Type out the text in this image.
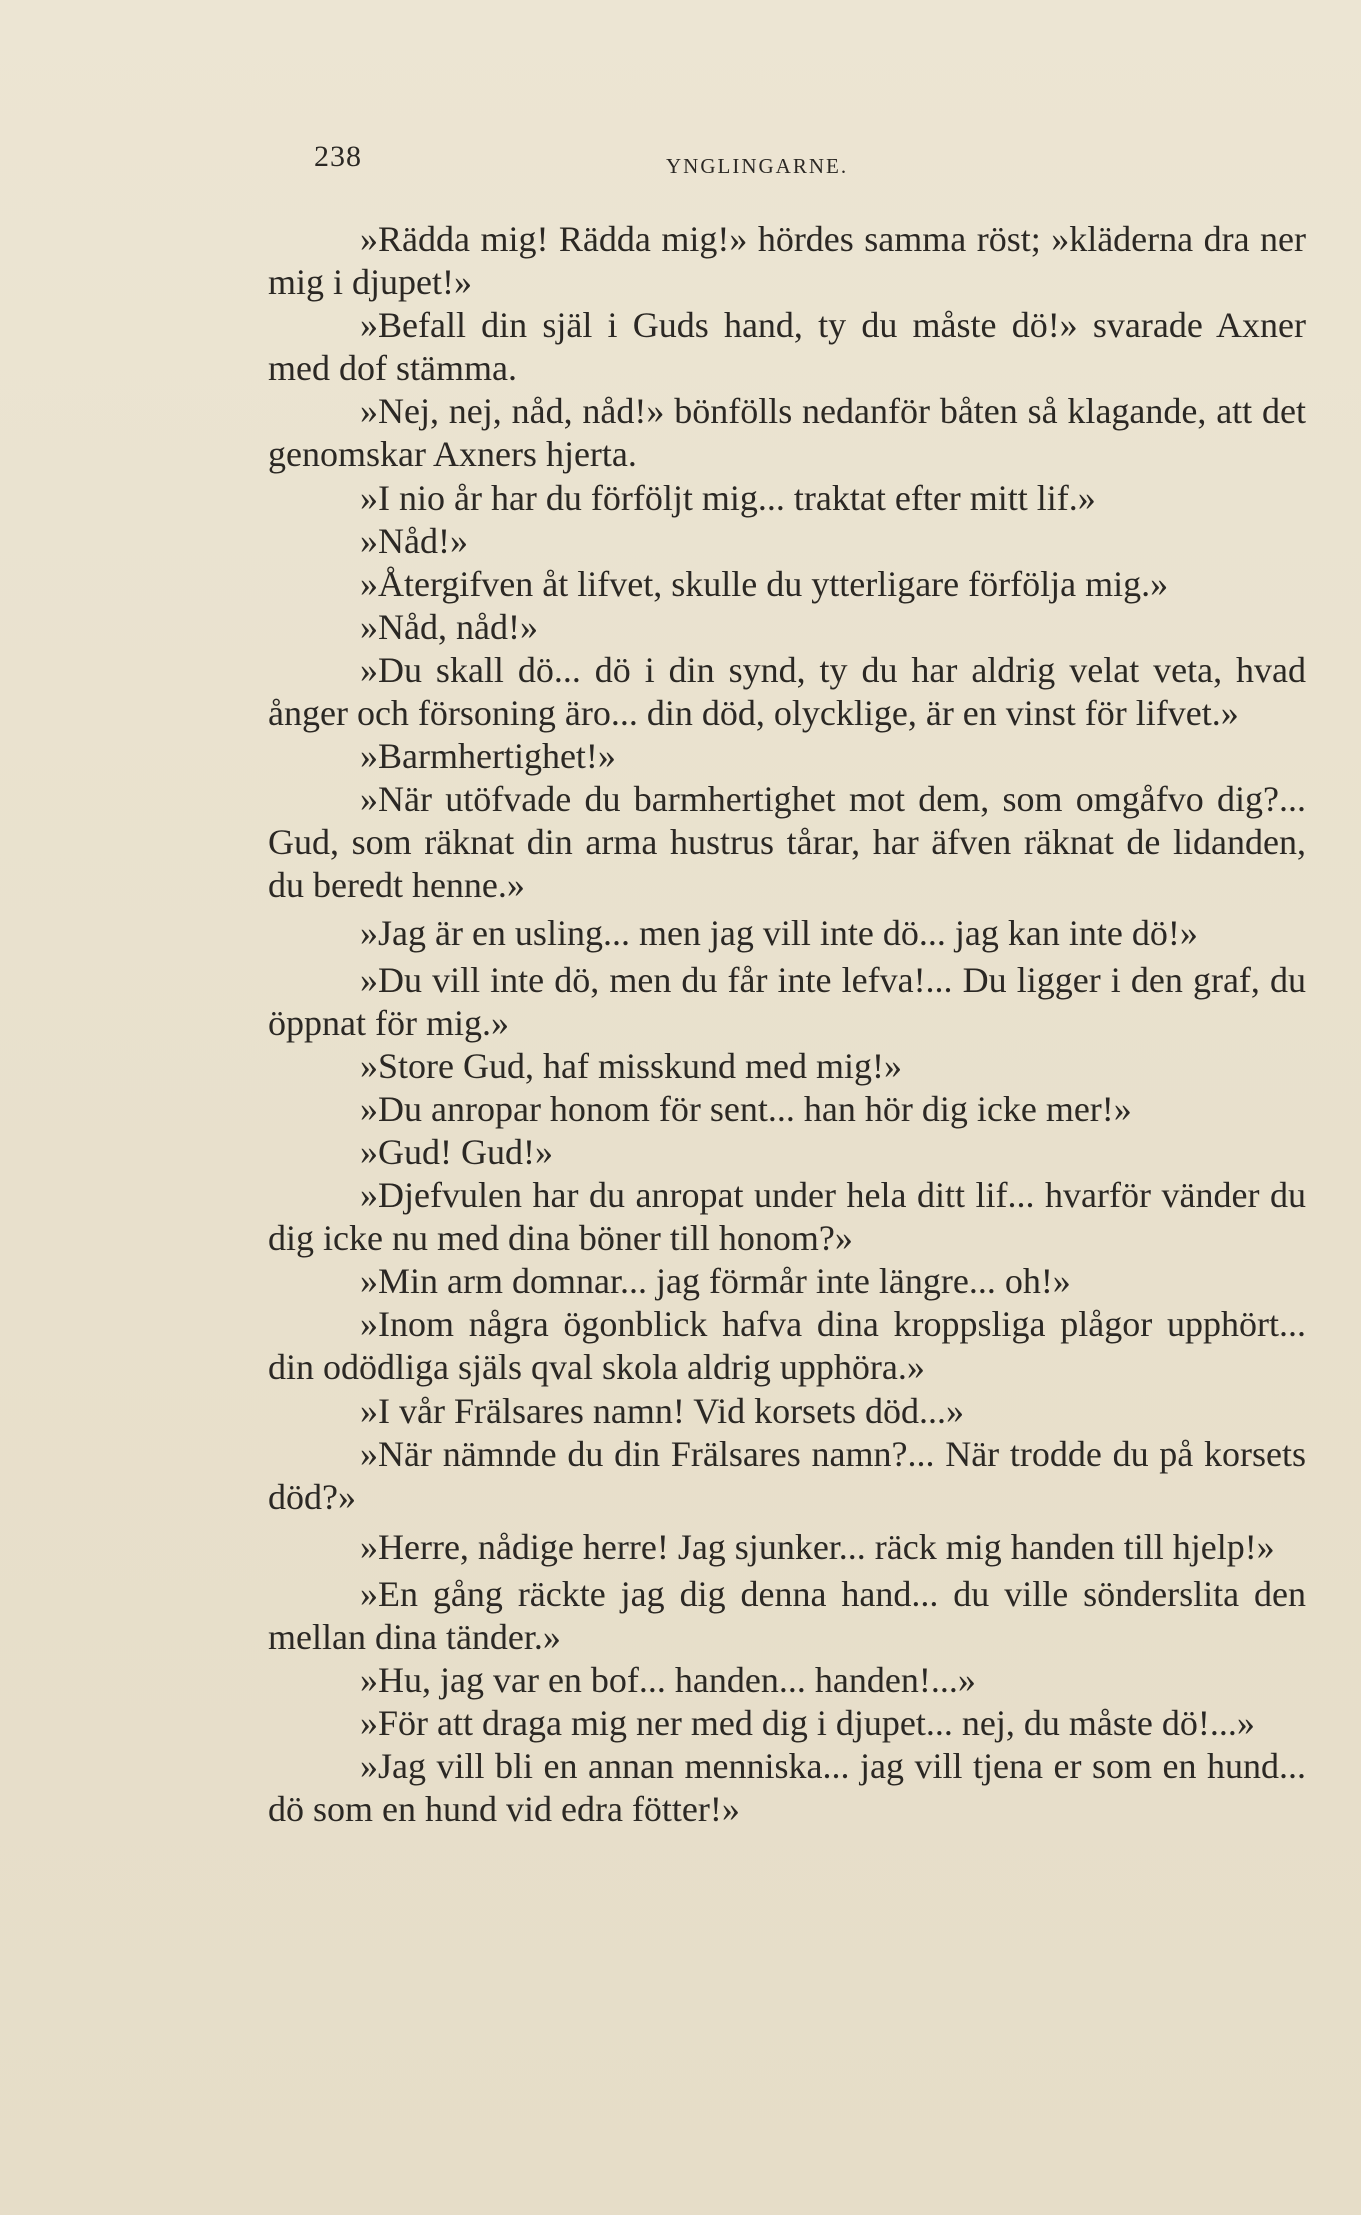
238	YNGLINGARNE.

»Rädda mig! Rädda mig!» hördes samma röst; »kläderna dra ner mig i djupet!»

»Befall din själ i Guds hand, ty du måste dö!» svarade Axner med dof stämma.

»Nej, nej, nåd, nåd!» bönfölls nedanför båten så klagande, att det genomskar Axners hjerta.

»I nio år har du förföljt mig... traktat efter mitt lif.»

»Nåd!»

»Återgifven åt lifvet, skulle du ytterligare förfölja mig.»

»Nåd, nåd!»

»Du skall dö... dö i din synd, ty du har aldrig velat veta, hvad ånger och försoning äro... din död, olycklige, är en vinst för lifvet.»

»Barmhertighet!»

»När utöfvade du barmhertighet mot dem, som omgåfvo dig?... Gud, som räknat din arma hustrus tårar, har äfven räknat de lidanden, du beredt henne.»

»Jag är en usling... men jag vill inte dö... jag kan inte dö!»

»Du vill inte dö, men du får inte lefva!... Du ligger i den graf, du öppnat för mig.»

»Store Gud, haf misskund med mig!»

»Du anropar honom för sent... han hör dig icke mer!»

»Gud! Gud!»

»Djefvulen har du anropat under hela ditt lif... hvarför vänder du dig icke nu med dina böner till honom?»

»Min arm domnar... jag förmår inte längre... oh!»

»Inom några ögonblick hafva dina kroppsliga plågor upphört... din odödliga själs qval skola aldrig upphöra.»

»I vår Frälsares namn! Vid korsets död...»

»När nämnde du din Frälsares namn?... När trodde du på korsets död?»

»Herre, nådige herre! Jag sjunker... räck mig handen till hjelp!»

»En gång räckte jag dig denna hand... du ville sönderslita den mellan dina tänder.»

»Hu, jag var en bof... handen... handen!...»

»För att draga mig ner med dig i djupet... nej, du måste dö!...»

»Jag vill bli en annan menniska... jag vill tjena er som en hund... dö som en hund vid edra fötter!»
